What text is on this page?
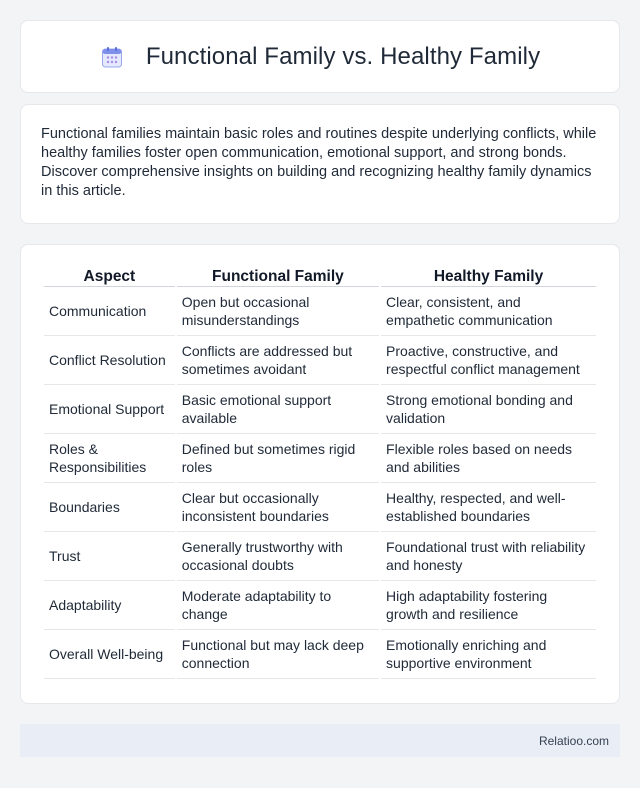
Functional Family vs. Healthy Family

Functional families maintain basic roles and routines despite underlying conflicts, while healthy families foster open communication, emotional support, and strong bonds. Discover comprehensive insights on building and recognizing healthy family dynamics in this article.

Aspect	Functional Family	Healthy Family
Communication	Open but occasional misunderstandings	Clear, consistent, and empathetic communication
Conflict Resolution	Conflicts are addressed but sometimes avoidant	Proactive, constructive, and respectful conflict management
Emotional Support	Basic emotional support available	Strong emotional bonding and validation
Roles & Responsibilities	Defined but sometimes rigid roles	Flexible roles based on needs and abilities
Boundaries	Clear but occasionally inconsistent boundaries	Healthy, respected, and well-established boundaries
Trust	Generally trustworthy with occasional doubts	Foundational trust with reliability and honesty
Adaptability	Moderate adaptability to change	High adaptability fostering growth and resilience
Overall Well-being	Functional but may lack deep connection	Emotionally enriching and supportive environment
Relatioo.com
